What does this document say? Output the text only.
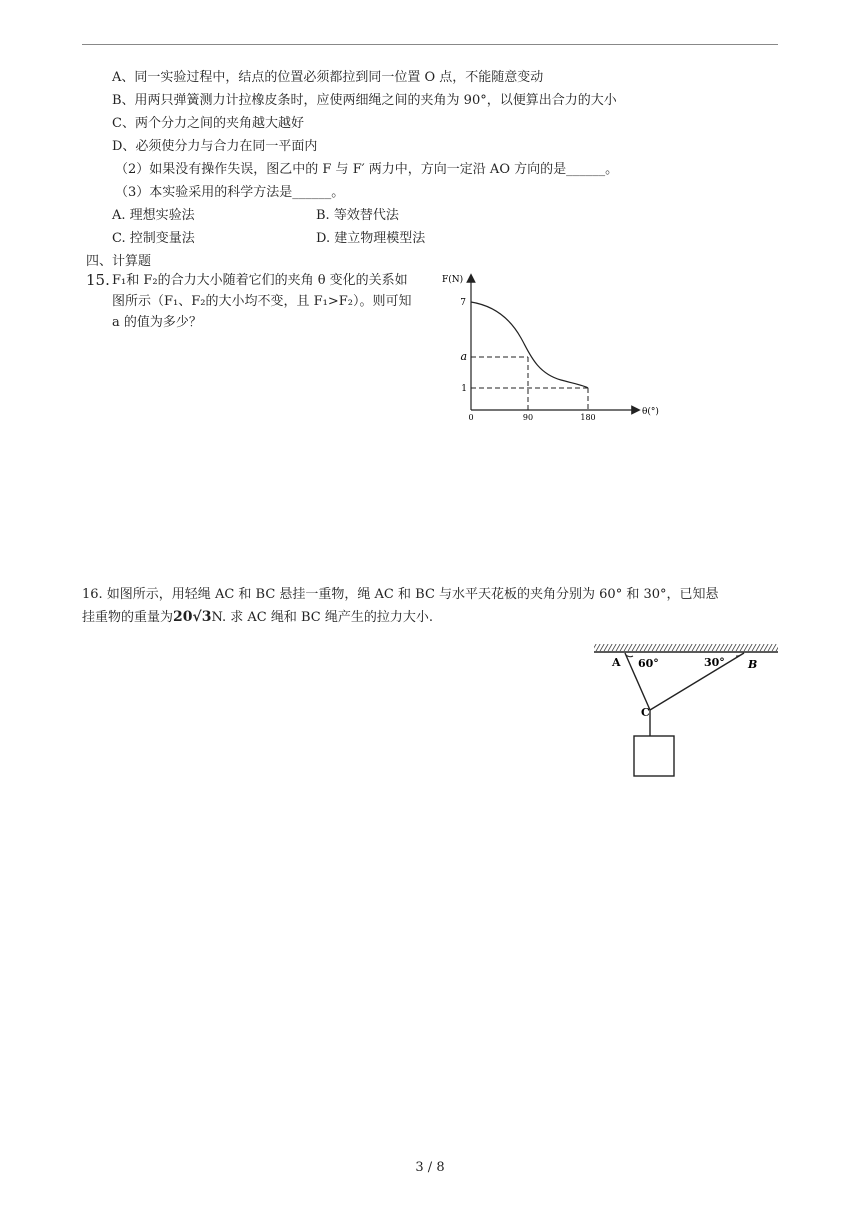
A、同一实验过程中，结点的位置必须都拉到同一位置 O 点，不能随意变动
B、用两只弹簧测力计拉橡皮条时，应使两细绳之间的夹角为 90°，以便算出合力的大小
C、两个分力之间的夹角越大越好
D、必须使分力与合力在同一平面内
（2）如果没有操作失误，图乙中的 F 与 F′ 两力中，方向一定沿 AO 方向的是______。
（3）本实验采用的科学方法是______。
A. 理想实验法	B. 等效替代法
C. 控制变量法	D. 建立物理模型法
四、计算题
15. F₁和 F₂的合力大小随着它们的夹角 θ 变化的关系如图所示（F₁、F₂的大小均不变，且 F₁>F₂）。则可知 a 的值为多少？
F(N)
7
a
1
0	90	180
θ(°)
16. 如图所示，用轻绳 AC 和 BC 悬挂一重物，绳 AC 和 BC 与水平天花板的夹角分别为 60° 和 30°，已知悬
挂重物的重量为20√3N. 求 AC 绳和 BC 绳产生的拉力大小.
A 60°	30° B
C
3 / 8
